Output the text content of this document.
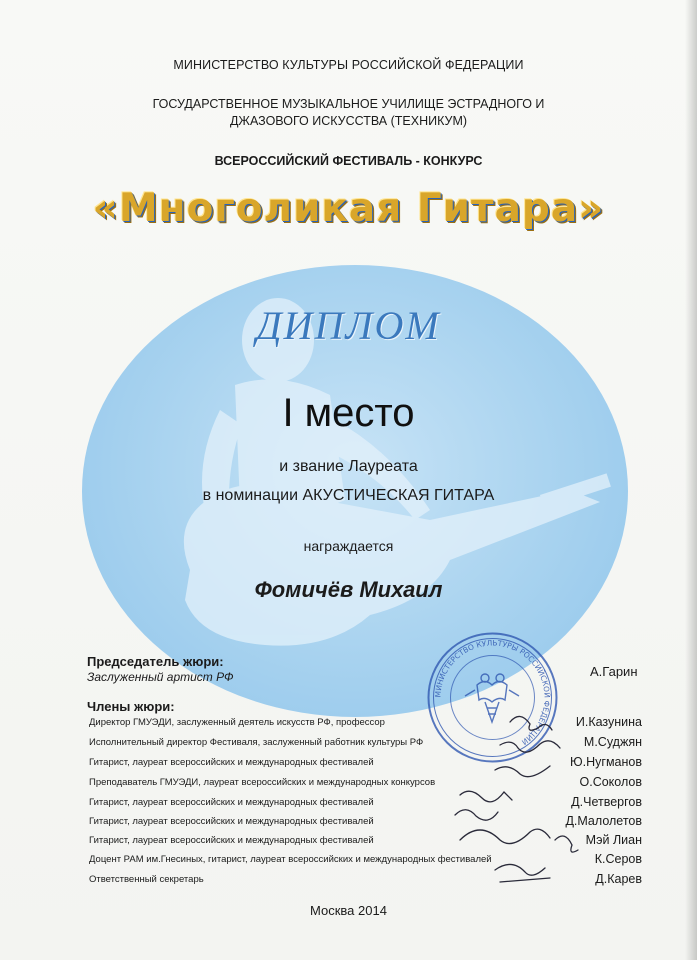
МИНИСТЕРСТВО КУЛЬТУРЫ РОССИЙСКОЙ ФЕДЕРАЦИИ
ГОСУДАРСТВЕННОЕ МУЗЫКАЛЬНОЕ УЧИЛИЩЕ ЭСТРАДНОГО И
ДЖАЗОВОГО ИСКУССТВА (ТЕХНИКУМ)
ВСЕРОССИЙСКИЙ ФЕСТИВАЛЬ - КОНКУРС
«Многоликая Гитара»
ДИПЛОМ
I место
и звание Лауреата
в номинации АКУСТИЧЕСКАЯ ГИТАРА
награждается
Фомичёв Михаил
Председатель жюри:
Заслуженный артист РФ	А.Гарин
Члены жюри:
Директор ГМУЭДИ, заслуженный деятель искусств РФ, профессор	И.Казунина
Исполнительный директор Фестиваля, заслуженный работник культуры РФ	М.Суджян
Гитарист, лауреат всероссийских и международных фестивалей	Ю.Нугманов
Преподаватель ГМУЭДИ, лауреат всероссийских и международных конкурсов	О.Соколов
Гитарист, лауреат всероссийских и международных фестивалей	Д.Четвергов
Гитарист, лауреат всероссийских и международных фестивалей	Д.Малолетов
Гитарист, лауреат всероссийских и международных фестивалей	Мэй Лиан
Доцент РАМ им.Гнесиных, гитарист, лауреат всероссийских и международных фестивалей	К.Серов
Ответственный секретарь	Д.Карев
МИНИСТЕРСТВО КУЛЬТУРЫ РОССИЙСКОЙ ФЕДЕРАЦИИ
Москва 2014
